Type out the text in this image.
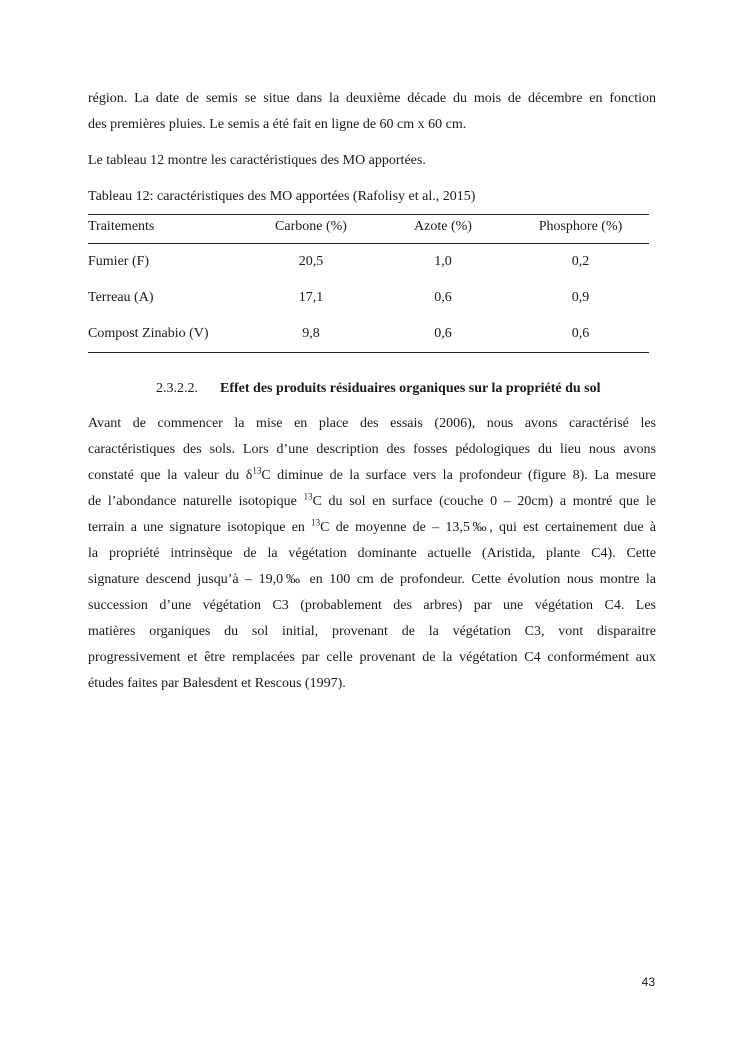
région. La date de semis se situe dans la deuxième décade du mois de décembre en fonction
des premières pluies. Le semis a été fait en ligne de 60 cm x 60 cm.

Le tableau 12 montre les caractéristiques des MO apportées.

Tableau 12: caractéristiques des MO apportées (Rafolisy et al., 2015)

Traitements	Carbone (%)	Azote (%)	Phosphore (%)
Fumier (F)	20,5	1,0	0,2
Terreau (A)	17,1	0,6	0,9
Compost Zinabio (V)	9,8	0,6	0,6
2.3.2.2. Effet des produits résiduaires organiques sur la propriété du sol
Avant de commencer la mise en place des essais (2006), nous avons caractérisé les
caractéristiques des sols. Lors d’une description des fosses pédologiques du lieu nous avons
constaté que la valeur du $\delta^{13}C$ diminue de la surface vers la profondeur (figure 8). La mesure
de l’abondance naturelle isotopique $^{13}$C du sol en surface (couche 0 – 20cm) a montré que le
terrain a une signature isotopique en $^{13}$C de moyenne de – 13,5‰, qui est certainement due à
la propriété intrinsèque de la végétation dominante actuelle (Aristida, plante C4). Cette
signature descend jusqu’à – 19,0‰ en 100 cm de profondeur. Cette évolution nous montre la
succession d’une végétation C3 (probablement des arbres) par une végétation C4. Les
matières organiques du sol initial, provenant de la végétation C3, vont disparaitre
progressivement et être remplacées par celle provenant de la végétation C4 conformément aux
études faites par Balesdent et Rescous (1997).
43
